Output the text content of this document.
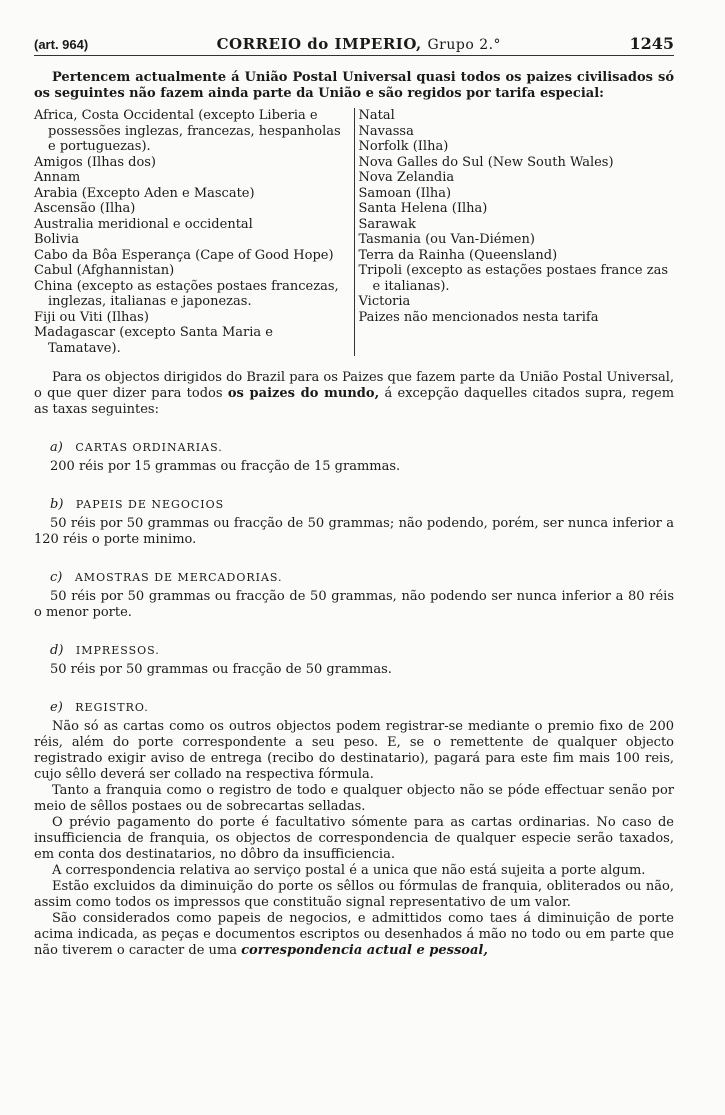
(art. 964)	CORREIO do IMPERIO, Grupo 2.°	1245

Pertencem actualmente á União Postal Universal quasi todos os paizes civilisados só os seguintes não fazem ainda parte da União e são regidos por tarifa especial:

Africa, Costa Occidental (excepto Liberia e possessões inglezas, francezas, hespanholas e portuguezas).
Amigos (Ilhas dos)
Annam
Arabia (Excepto Aden e Mascate)
Ascensão (Ilha)
Australia meridional e occidental
Bolivia
Cabo da Bôa Esperança (Cape of Good Hope)
Cabul (Afghannistan)
China (excepto as estações postaes francezas, inglezas, italianas e japonezas.
Fiji ou Viti (Ilhas)
Madagascar (excepto Santa Maria e Tamatave).
Natal
Navassa
Norfolk (Ilha)
Nova Galles do Sul (New South Wales)
Nova Zelandia
Samoan (Ilha)
Santa Helena (Ilha)
Sarawak
Tasmania (ou Van-Diémen)
Terra da Rainha (Queensland)
Tripoli (excepto as estações postaes france zas e italianas).
Victoria
Paizes não mencionados nesta tarifa

Para os objectos dirigidos do Brazil para os Paizes que fazem parte da União Postal Universal, o que quer dizer para todos os paizes do mundo, á excepção daquelles citados supra, regem as taxas seguintes:

a) CARTAS ORDINARIAS.

200 réis por 15 grammas ou fracção de 15 grammas.

b) PAPEIS DE NEGOCIOS

50 réis por 50 grammas ou fracção de 50 grammas; não podendo, porém, ser nunca inferior a 120 réis o porte minimo.

c) AMOSTRAS DE MERCADORIAS.

50 réis por 50 grammas ou fracção de 50 grammas, não podendo ser nunca inferior a 80 réis o menor porte.

d) IMPRESSOS.

50 réis por 50 grammas ou fracção de 50 grammas.

e) REGISTRO.

Não só as cartas como os outros objectos podem registrar-se mediante o premio fixo de 200 réis, além do porte correspondente a seu peso. E, se o remettente de qualquer objecto registrado exigir aviso de entrega (recibo do destinatario), pagará para este fim mais 100 reis, cujo sêllo deverá ser collado na respectiva fórmula.

Tanto a franquia como o registro de todo e qualquer objecto não se póde effectuar senão por meio de sêllos postaes ou de sobrecartas selladas.

O prévio pagamento do porte é facultativo sómente para as cartas ordinarias. No caso de insufficiencia de franquia, os objectos de correspondencia de qualquer especie serão taxados, em conta dos destinatarios, no dôbro da insufficiencia.

A correspondencia relativa ao serviço postal é a unica que não está sujeita a porte algum.

Estão excluidos da diminuição do porte os sêllos ou fórmulas de franquia, obliterados ou não, assim como todos os impressos que constituão signal representativo de um valor.

São considerados como papeis de negocios, e admittidos como taes á diminuição de porte acima indicada, as peças e documentos escriptos ou desenhados á mão no todo ou em parte que não tiverem o caracter de uma correspondencia actual e pessoal,
